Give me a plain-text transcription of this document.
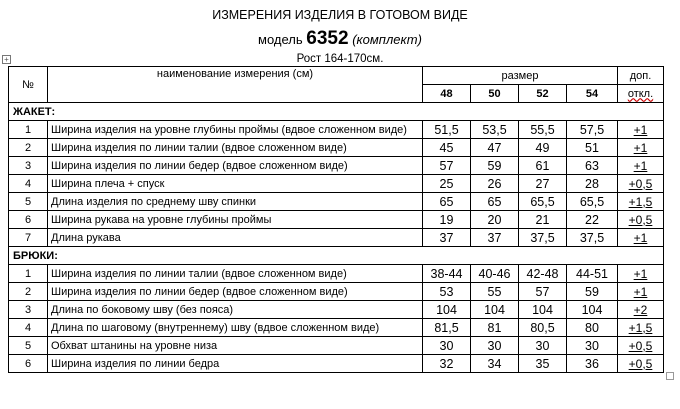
ИЗМЕРЕНИЯ ИЗДЕЛИЯ В ГОТОВОМ ВИДЕ
модель 6352 (комплект)
Рост 164-170см.
+
№	наименование измерения (см)	размер				доп.
		48	50	52	54	откл.
ЖАКЕТ:						
1	Ширина изделия на уровне глубины проймы (вдвое сложенном виде)	51,5	53,5	55,5	57,5	+1
2	Ширина изделия по линии талии (вдвое сложенном виде)	45	47	49	51	+1
3	Ширина изделия по линии бедер (вдвое сложенном виде)	57	59	61	63	+1
4	Ширина плеча + спуск	25	26	27	28	+0,5
5	Длина изделия по среднему шву спинки	65	65	65,5	65,5	+1,5
6	Ширина рукава на уровне глубины проймы	19	20	21	22	+0,5
7	Длина рукава	37	37	37,5	37,5	+1
БРЮКИ:						
1	Ширина изделия по линии талии (вдвое сложенном виде)	38-44	40-46	42-48	44-51	+1
2	Ширина изделия по линии бедер (вдвое сложенном виде)	53	55	57	59	+1
3	Длина по боковому шву (без пояса)	104	104	104	104	+2
4	Длина по шаговому (внутреннему) шву (вдвое сложенном виде)	81,5	81	80,5	80	+1,5
5	Обхват штанины на уровне низа	30	30	30	30	+0,5
6	Ширина изделия по линии бедра	32	34	35	36	+0,5
